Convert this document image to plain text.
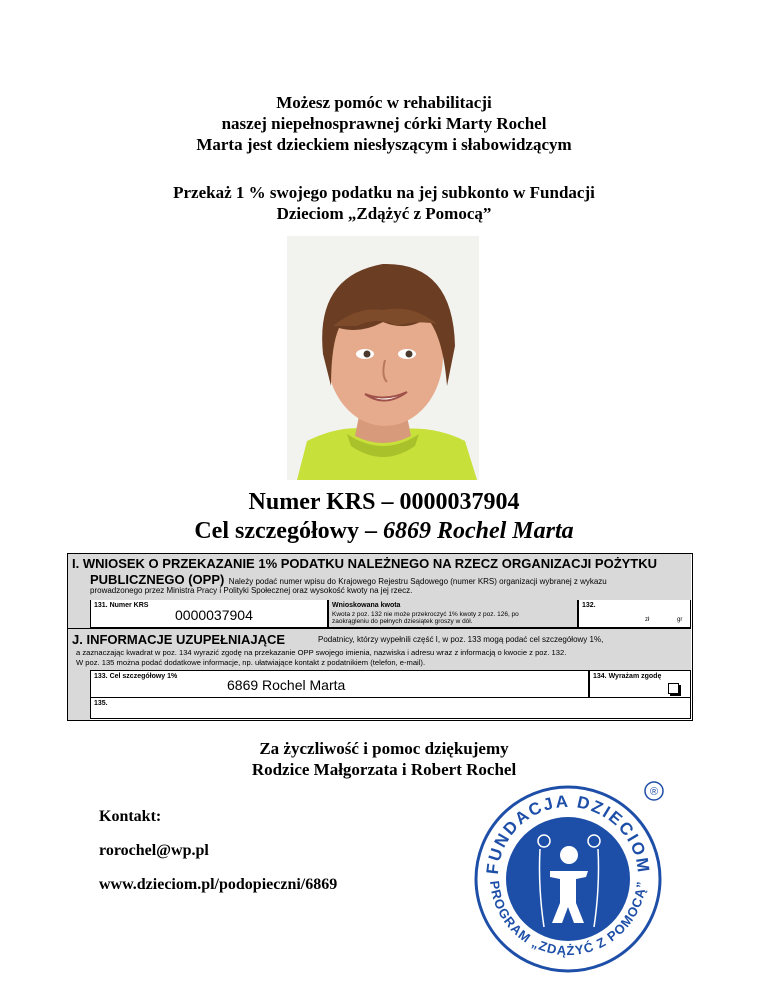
Możesz pomóc w rehabilitacji
naszej niepełnosprawnej córki Marty Rochel
Marta jest dzieckiem niesłyszącym i słabowidzącym
Przekaż 1 % swojego podatku na jej subkonto w Fundacji
Dzieciom „Zdążyć z Pomocą”
Numer KRS – 0000037904
Cel szczegółowy – 6869 Rochel Marta
I. WNIOSEK O PRZEKAZANIE 1% PODATKU NALEŻNEGO NA RZECZ ORGANIZACJI POŻYTKU
PUBLICZNEGO (OPP) Należy podać numer wpisu do Krajowego Rejestru Sądowego (numer KRS) organizacji wybranej z wykazu
prowadzonego przez Ministra Pracy i Polityki Społecznej oraz wysokość kwoty na jej rzecz.
131. Numer KRS
0000037904
Wnioskowana kwota
Kwota z poz. 132 nie może przekroczyć 1% kwoty z poz. 126, po
zaokrągleniu do pełnych dziesiątek groszy w dół.
132.
zł	gr
J. INFORMACJE UZUPEŁNIAJĄCE	Podatnicy, którzy wypełnili część I, w poz. 133 mogą podać cel szczegółowy 1%,
a zaznaczając kwadrat w poz. 134 wyrazić zgodę na przekazanie OPP swojego imienia, nazwiska i adresu wraz z informacją o kwocie z poz. 132.
W poz. 135 można podać dodatkowe informacje, np. ułatwiające kontakt z podatnikiem (telefon, e-mail).
133. Cel szczegółowy 1%
6869 Rochel Marta
134. Wyrażam zgodę
135.
Za życzliwość i pomoc dziękujemy
Rodzice Małgorzata i Robert Rochel
Kontakt:
rorochel@wp.pl
www.dzieciom.pl/podopieczni/6869
FUNDACJA DZIECIOM
PROGRAM „ZDĄŻYĆ Z POMOCĄ”
®
